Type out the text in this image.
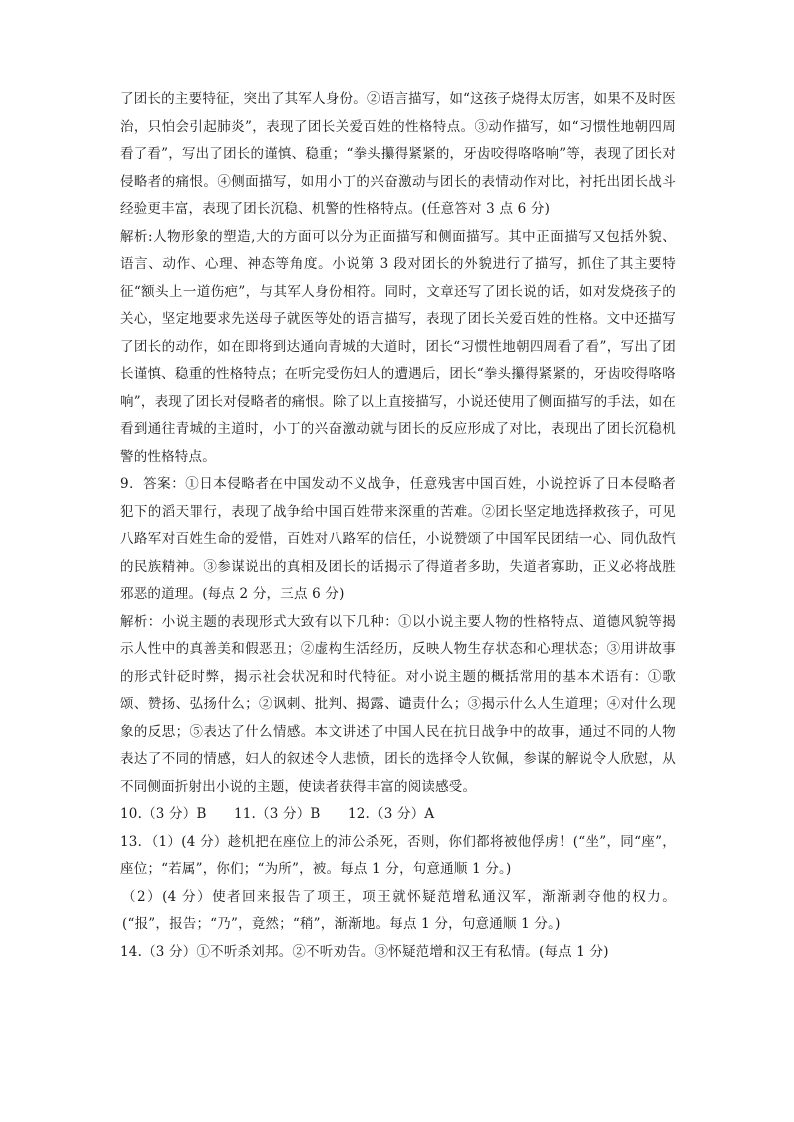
了团长的主要特征，突出了其军人身份。②语言描写，如“这孩子烧得太厉害，如果不及时医治，只怕会引起肺炎”，表现了团长关爱百姓的性格特点。③动作描写，如“习惯性地朝四周看了看”，写出了团长的谨慎、稳重；“拳头攥得紧紧的，牙齿咬得咯咯响”等，表现了团长对侵略者的痛恨。④侧面描写，如用小丁的兴奋激动与团长的表情动作对比，衬托出团长战斗经验更丰富，表现了团长沉稳、机警的性格特点。(任意答对 3 点 6 分)

解析:人物形象的塑造,大的方面可以分为正面描写和侧面描写。其中正面描写又包括外貌、语言、动作、心理、神态等角度。小说第 3 段对团长的外貌进行了描写，抓住了其主要特征“额头上一道伤疤”，与其军人身份相符。同时，文章还写了团长说的话，如对发烧孩子的关心，坚定地要求先送母子就医等处的语言描写，表现了团长关爱百姓的性格。文中还描写了团长的动作，如在即将到达通向青城的大道时，团长“习惯性地朝四周看了看”，写出了团长谨慎、稳重的性格特点；在听完受伤妇人的遭遇后，团长“拳头攥得紧紧的，牙齿咬得咯咯响”，表现了团长对侵略者的痛恨。除了以上直接描写，小说还使用了侧面描写的手法，如在看到通往青城的主道时，小丁的兴奋激动就与团长的反应形成了对比，表现出了团长沉稳机警的性格特点。

9．答案：①日本侵略者在中国发动不义战争，任意残害中国百姓，小说控诉了日本侵略者犯下的滔天罪行，表现了战争给中国百姓带来深重的苦难。②团长坚定地选择救孩子，可见八路军对百姓生命的爱惜，百姓对八路军的信任，小说赞颂了中国军民团结一心、同仇敌忾的民族精神。③参谋说出的真相及团长的话揭示了得道者多助，失道者寡助，正义必将战胜邪恶的道理。(每点 2 分，三点 6 分)

解析：小说主题的表现形式大致有以下几种：①以小说主要人物的性格特点、道德风貌等揭示人性中的真善美和假恶丑；②虚构生活经历，反映人物生存状态和心理状态；③用讲故事的形式针砭时弊，揭示社会状况和时代特征。对小说主题的概括常用的基本术语有：①歌颂、赞扬、弘扬什么；②讽刺、批判、揭露、谴责什么；③揭示什么人生道理；④对什么现象的反思；⑤表达了什么情感。本文讲述了中国人民在抗日战争中的故事，通过不同的人物表达了不同的情感，妇人的叙述令人悲愤，团长的选择令人钦佩，参谋的解说令人欣慰，从不同侧面折射出小说的主题，使读者获得丰富的阅读感受。

10.（3 分）B　　11.（3 分）B　　12.（3 分）A

13．（1）(4 分）趁机把在座位上的沛公杀死，否则，你们都将被他俘虏！(“坐”，同“座”，座位；“若属”，你们；“为所”，被。每点 1 分，句意通顺 1 分。)

（2）(4 分）使者回来报告了项王，项王就怀疑范增私通汉军，渐渐剥夺他的权力。(“报”，报告；“乃”，竟然；“稍”，渐渐地。每点 1 分，句意通顺 1 分。)

14.（3 分）①不听杀刘邦。②不听劝告。③怀疑范增和汉王有私情。(每点 1 分)
